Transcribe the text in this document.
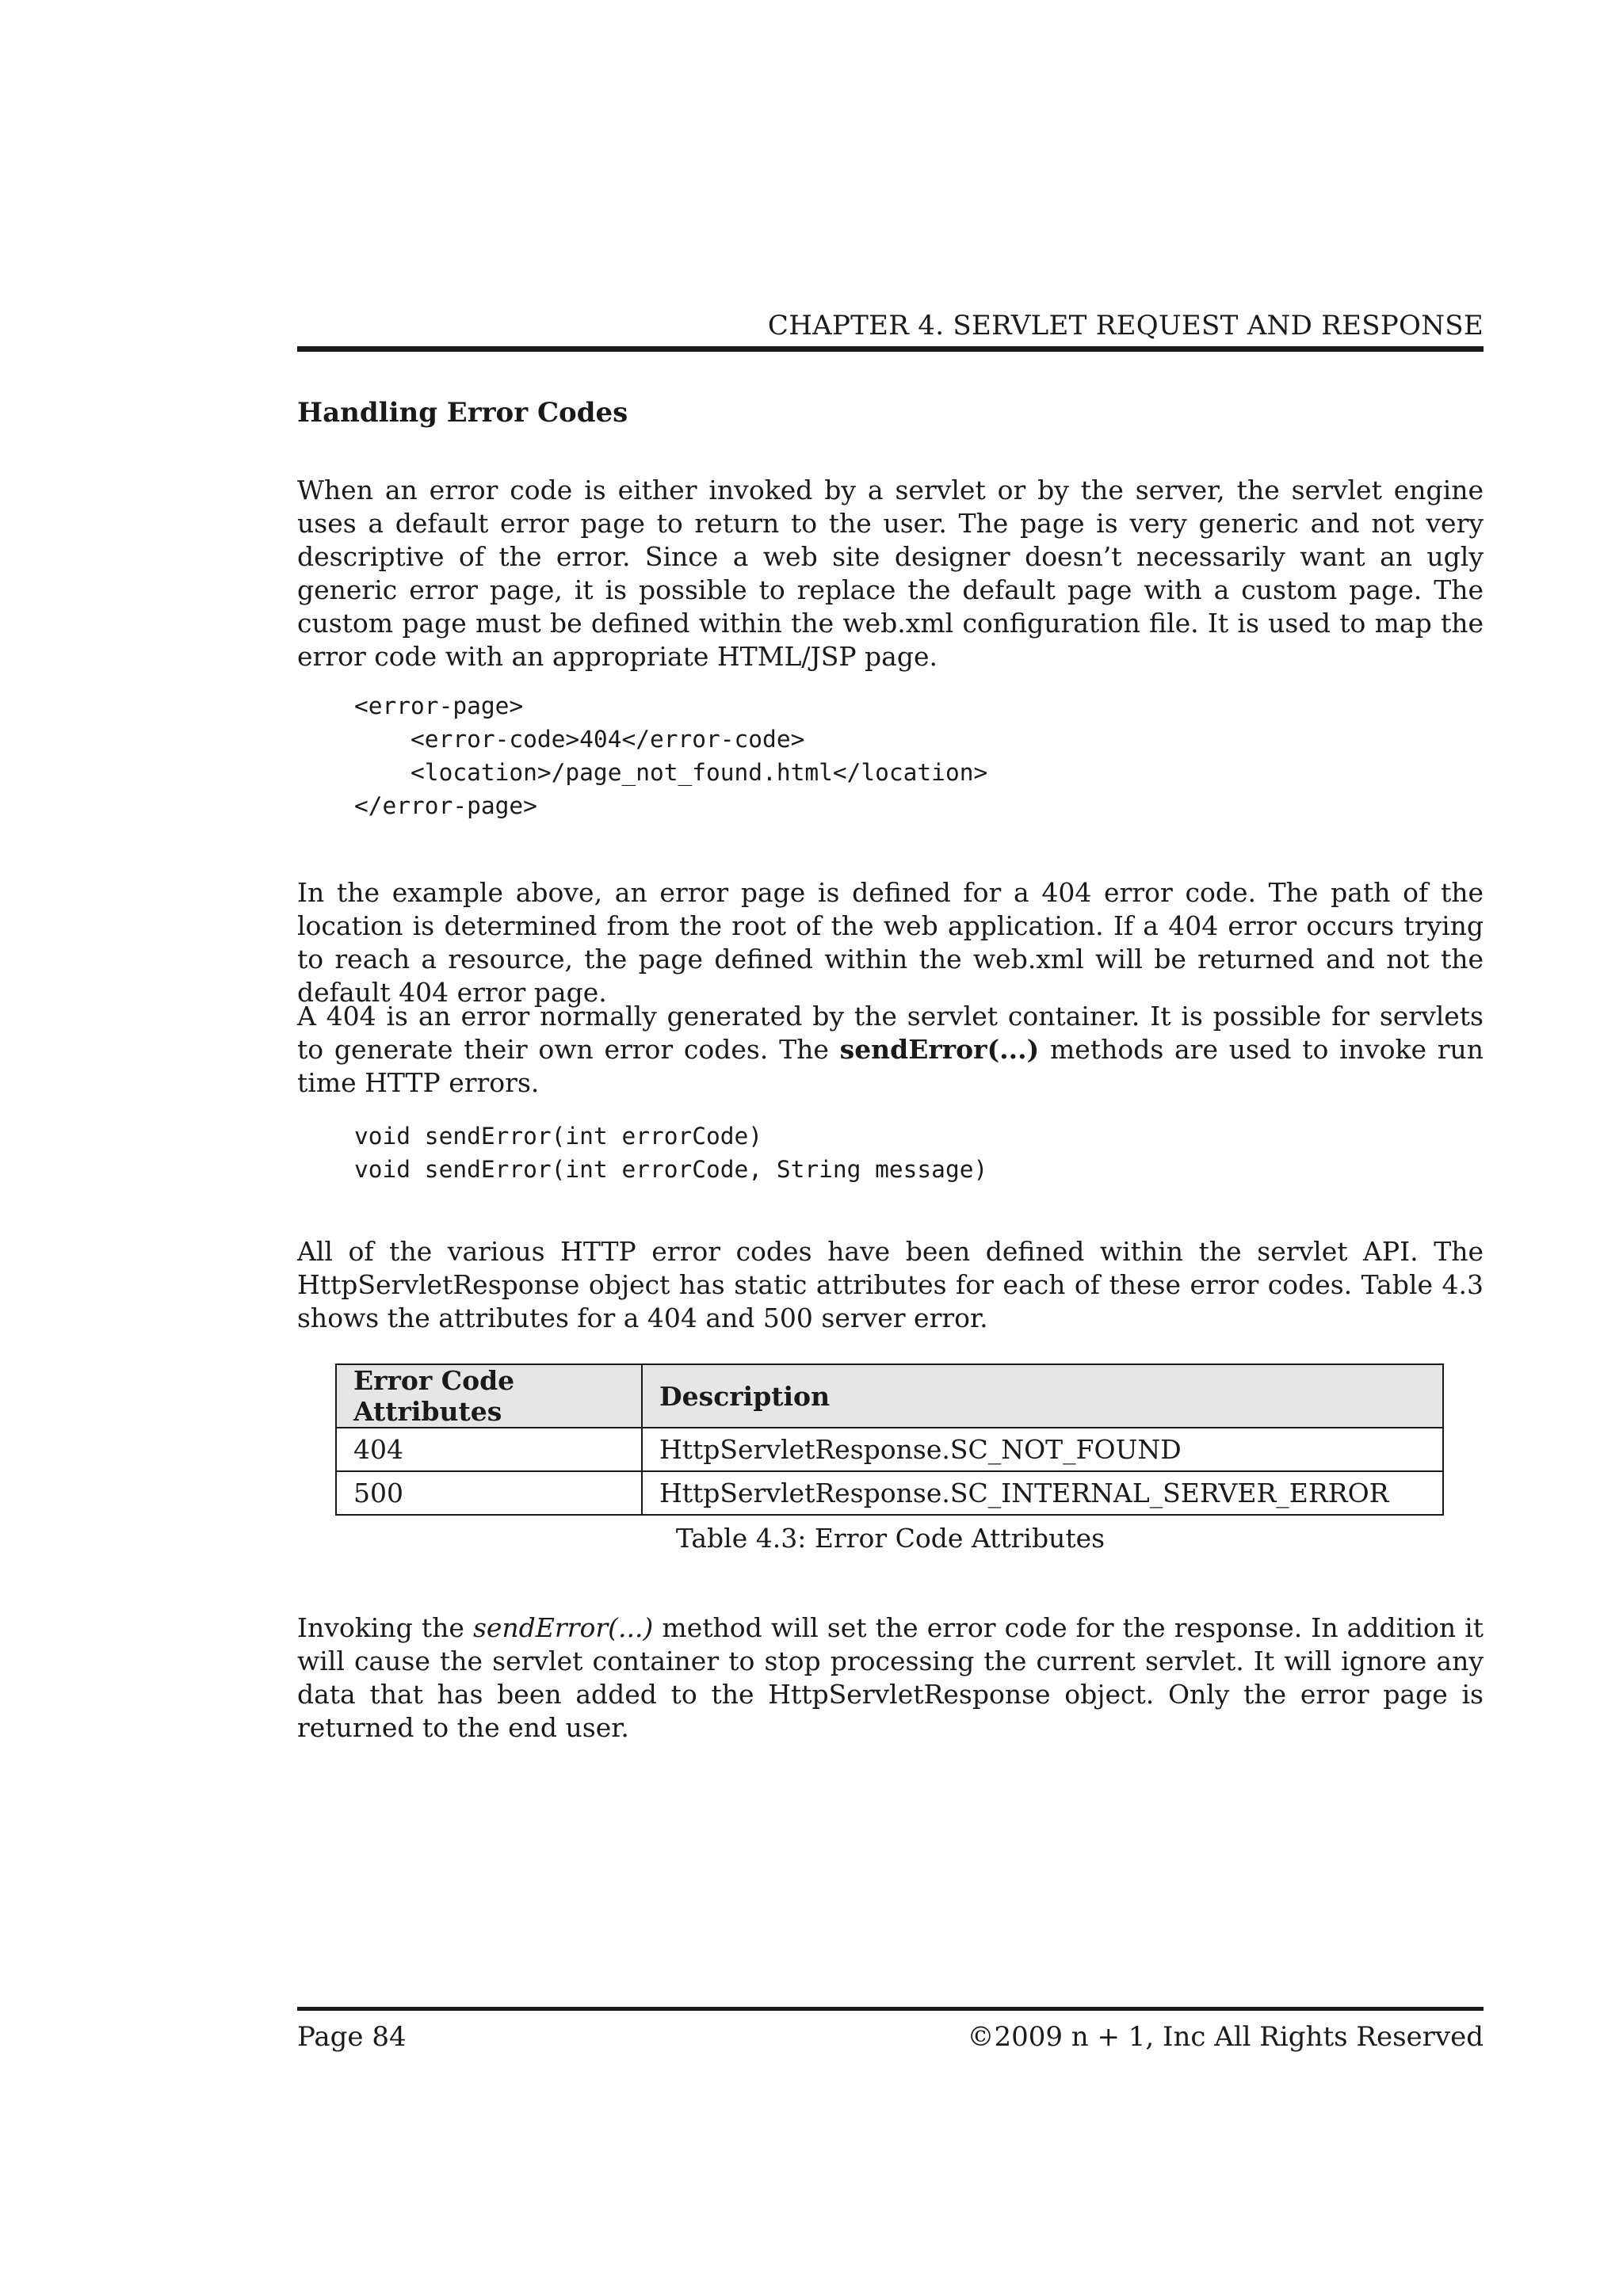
CHAPTER 4. SERVLET REQUEST AND RESPONSE
Handling Error Codes

When an error code is either invoked by a servlet or by the server, the servlet engine uses a default error page to return to the user. The page is very generic and not very descriptive of the error. Since a web site designer doesn’t necessarily want an ugly generic error page, it is possible to replace the default page with a custom page. The custom page must be defined within the web.xml configuration file. It is used to map the error code with an appropriate HTML/JSP page.

<error-page>
<error-code>404</error-code>
<location>/page_not_found.html</location>
</error-page>

In the example above, an error page is defined for a 404 error code. The path of the location is determined from the root of the web application. If a 404 error occurs trying to reach a resource, the page defined within the web.xml will be returned and not the default 404 error page.

A 404 is an error normally generated by the servlet container. It is possible for servlets to generate their own error codes. The sendError(...) methods are used to invoke run time HTTP errors.

void sendError(int errorCode)
void sendError(int errorCode, String message)

All of the various HTTP error codes have been defined within the servlet API. The HttpServletResponse object has static attributes for each of these error codes. Table 4.3 shows the attributes for a 404 and 500 server error.

Error Code Attributes	Description
404	HttpServletResponse.SC_NOT_FOUND
500	HttpServletResponse.SC_INTERNAL_SERVER_ERROR
Table 4.3: Error Code Attributes

Invoking the sendError(...) method will set the error code for the response. In addition it will cause the servlet container to stop processing the current servlet. It will ignore any data that has been added to the HttpServletResponse object. Only the error page is returned to the end user.

Page 84	©2009 n + 1, Inc All Rights Reserved
